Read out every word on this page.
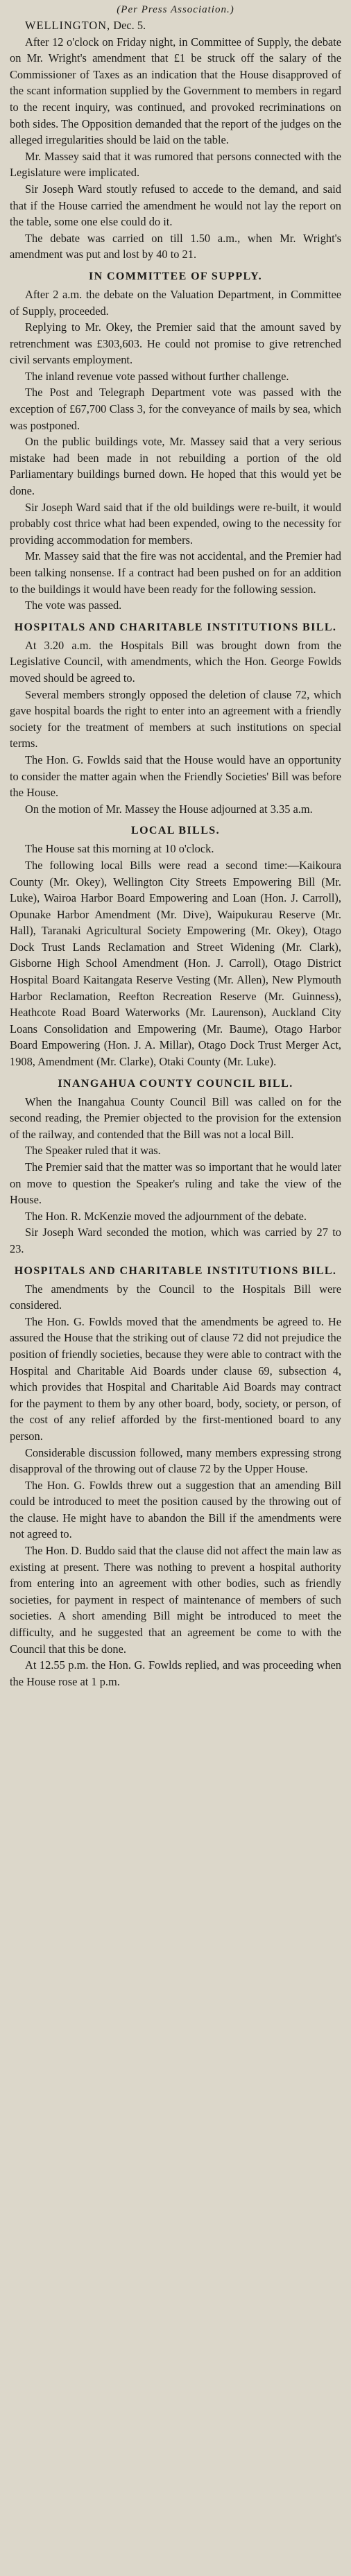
(Per Press Association.)

WELLINGTON, Dec. 5.

After 12 o'clock on Friday night, in Committee of Supply, the debate on Mr. Wright's amendment that £1 be struck off the salary of the Commissioner of Taxes as an indication that the House disapproved of the scant information supplied by the Government to members in regard to the recent inquiry, was continued, and provoked recriminations on both sides. The Opposition demanded that the report of the judges on the alleged irregularities should be laid on the table.

Mr. Massey said that it was rumored that persons connected with the Legislature were implicated.

Sir Joseph Ward stoutly refused to accede to the demand, and said that if the House carried the amendment he would not lay the report on the table, some one else could do it.

The debate was carried on till 1.50 a.m., when Mr. Wright's amendment was put and lost by 40 to 21.

IN COMMITTEE OF SUPPLY.

After 2 a.m. the debate on the Valuation Department, in Committee of Supply, proceeded.

Replying to Mr. Okey, the Premier said that the amount saved by retrenchment was £303,603. He could not promise to give retrenched civil servants employment.

The inland revenue vote passed without further challenge.

The Post and Telegraph Department vote was passed with the exception of £67,700 Class 3, for the conveyance of mails by sea, which was postponed.

On the public buildings vote, Mr. Massey said that a very serious mistake had been made in not rebuilding a portion of the old Parliamentary buildings burned down. He hoped that this would yet be done.

Sir Joseph Ward said that if the old buildings were re-built, it would probably cost thrice what had been expended, owing to the necessity for providing accommodation for members.

Mr. Massey said that the fire was not accidental, and the Premier had been talking nonsense. If a contract had been pushed on for an addition to the buildings it would have been ready for the following session.

The vote was passed.

HOSPITALS AND CHARITABLE INSTITUTIONS BILL.

At 3.20 a.m. the Hospitals Bill was brought down from the Legislative Council, with amendments, which the Hon. George Fowlds moved should be agreed to.

Several members strongly opposed the deletion of clause 72, which gave hospital boards the right to enter into an agreement with a friendly society for the treatment of members at such institutions on special terms.

The Hon. G. Fowlds said that the House would have an opportunity to consider the matter again when the Friendly Societies' Bill was before the House.

On the motion of Mr. Massey the House adjourned at 3.35 a.m.

LOCAL BILLS.

The House sat this morning at 10 o'clock.

The following local Bills were read a second time:—Kaikoura County (Mr. Okey), Wellington City Streets Empowering Bill (Mr. Luke), Wairoa Harbor Board Empowering and Loan (Hon. J. Carroll), Opunake Harbor Amendment (Mr. Dive), Waipukurau Reserve (Mr. Hall), Taranaki Agricultural Society Empowering (Mr. Okey), Otago Dock Trust Lands Reclamation and Street Widening (Mr. Clark), Gisborne High School Amendment (Hon. J. Carroll), Otago District Hospital Board Kaitangata Reserve Vesting (Mr. Allen), New Plymouth Harbor Reclamation, Reefton Recreation Reserve (Mr. Guinness), Heathcote Road Board Waterworks (Mr. Laurenson), Auckland City Loans Consolidation and Empowering (Mr. Baume), Otago Harbor Board Empowering (Hon. J. A. Millar), Otago Dock Trust Merger Act, 1908, Amendment (Mr. Clarke), Otaki County (Mr. Luke).

INANGAHUA COUNTY COUNCIL BILL.

When the Inangahua County Council Bill was called on for the second reading, the Premier objected to the provision for the extension of the railway, and contended that the Bill was not a local Bill.

The Speaker ruled that it was.

The Premier said that the matter was so important that he would later on move to question the Speaker's ruling and take the view of the House.

The Hon. R. McKenzie moved the adjournment of the debate.

Sir Joseph Ward seconded the motion, which was carried by 27 to 23.

HOSPITALS AND CHARITABLE INSTITUTIONS BILL.

The amendments by the Council to the Hospitals Bill were considered.

The Hon. G. Fowlds moved that the amendments be agreed to. He assured the House that the striking out of clause 72 did not prejudice the position of friendly societies, because they were able to contract with the Hospital and Charitable Aid Boards under clause 69, subsection 4, which provides that Hospital and Charitable Aid Boards may contract for the payment to them by any other board, body, society, or person, of the cost of any relief afforded by the first-mentioned board to any person.

Considerable discussion followed, many members expressing strong disapproval of the throwing out of clause 72 by the Upper House.

The Hon. G. Fowlds threw out a suggestion that an amending Bill could be introduced to meet the position caused by the throwing out of the clause. He might have to abandon the Bill if the amendments were not agreed to.

The Hon. D. Buddo said that the clause did not affect the main law as existing at present. There was nothing to prevent a hospital authority from entering into an agreement with other bodies, such as friendly societies, for payment in respect of maintenance of members of such societies. A short amending Bill might be introduced to meet the difficulty, and he suggested that an agreement be come to with the Council that this be done.

At 12.55 p.m. the Hon. G. Fowlds replied, and was proceeding when the House rose at 1 p.m.
